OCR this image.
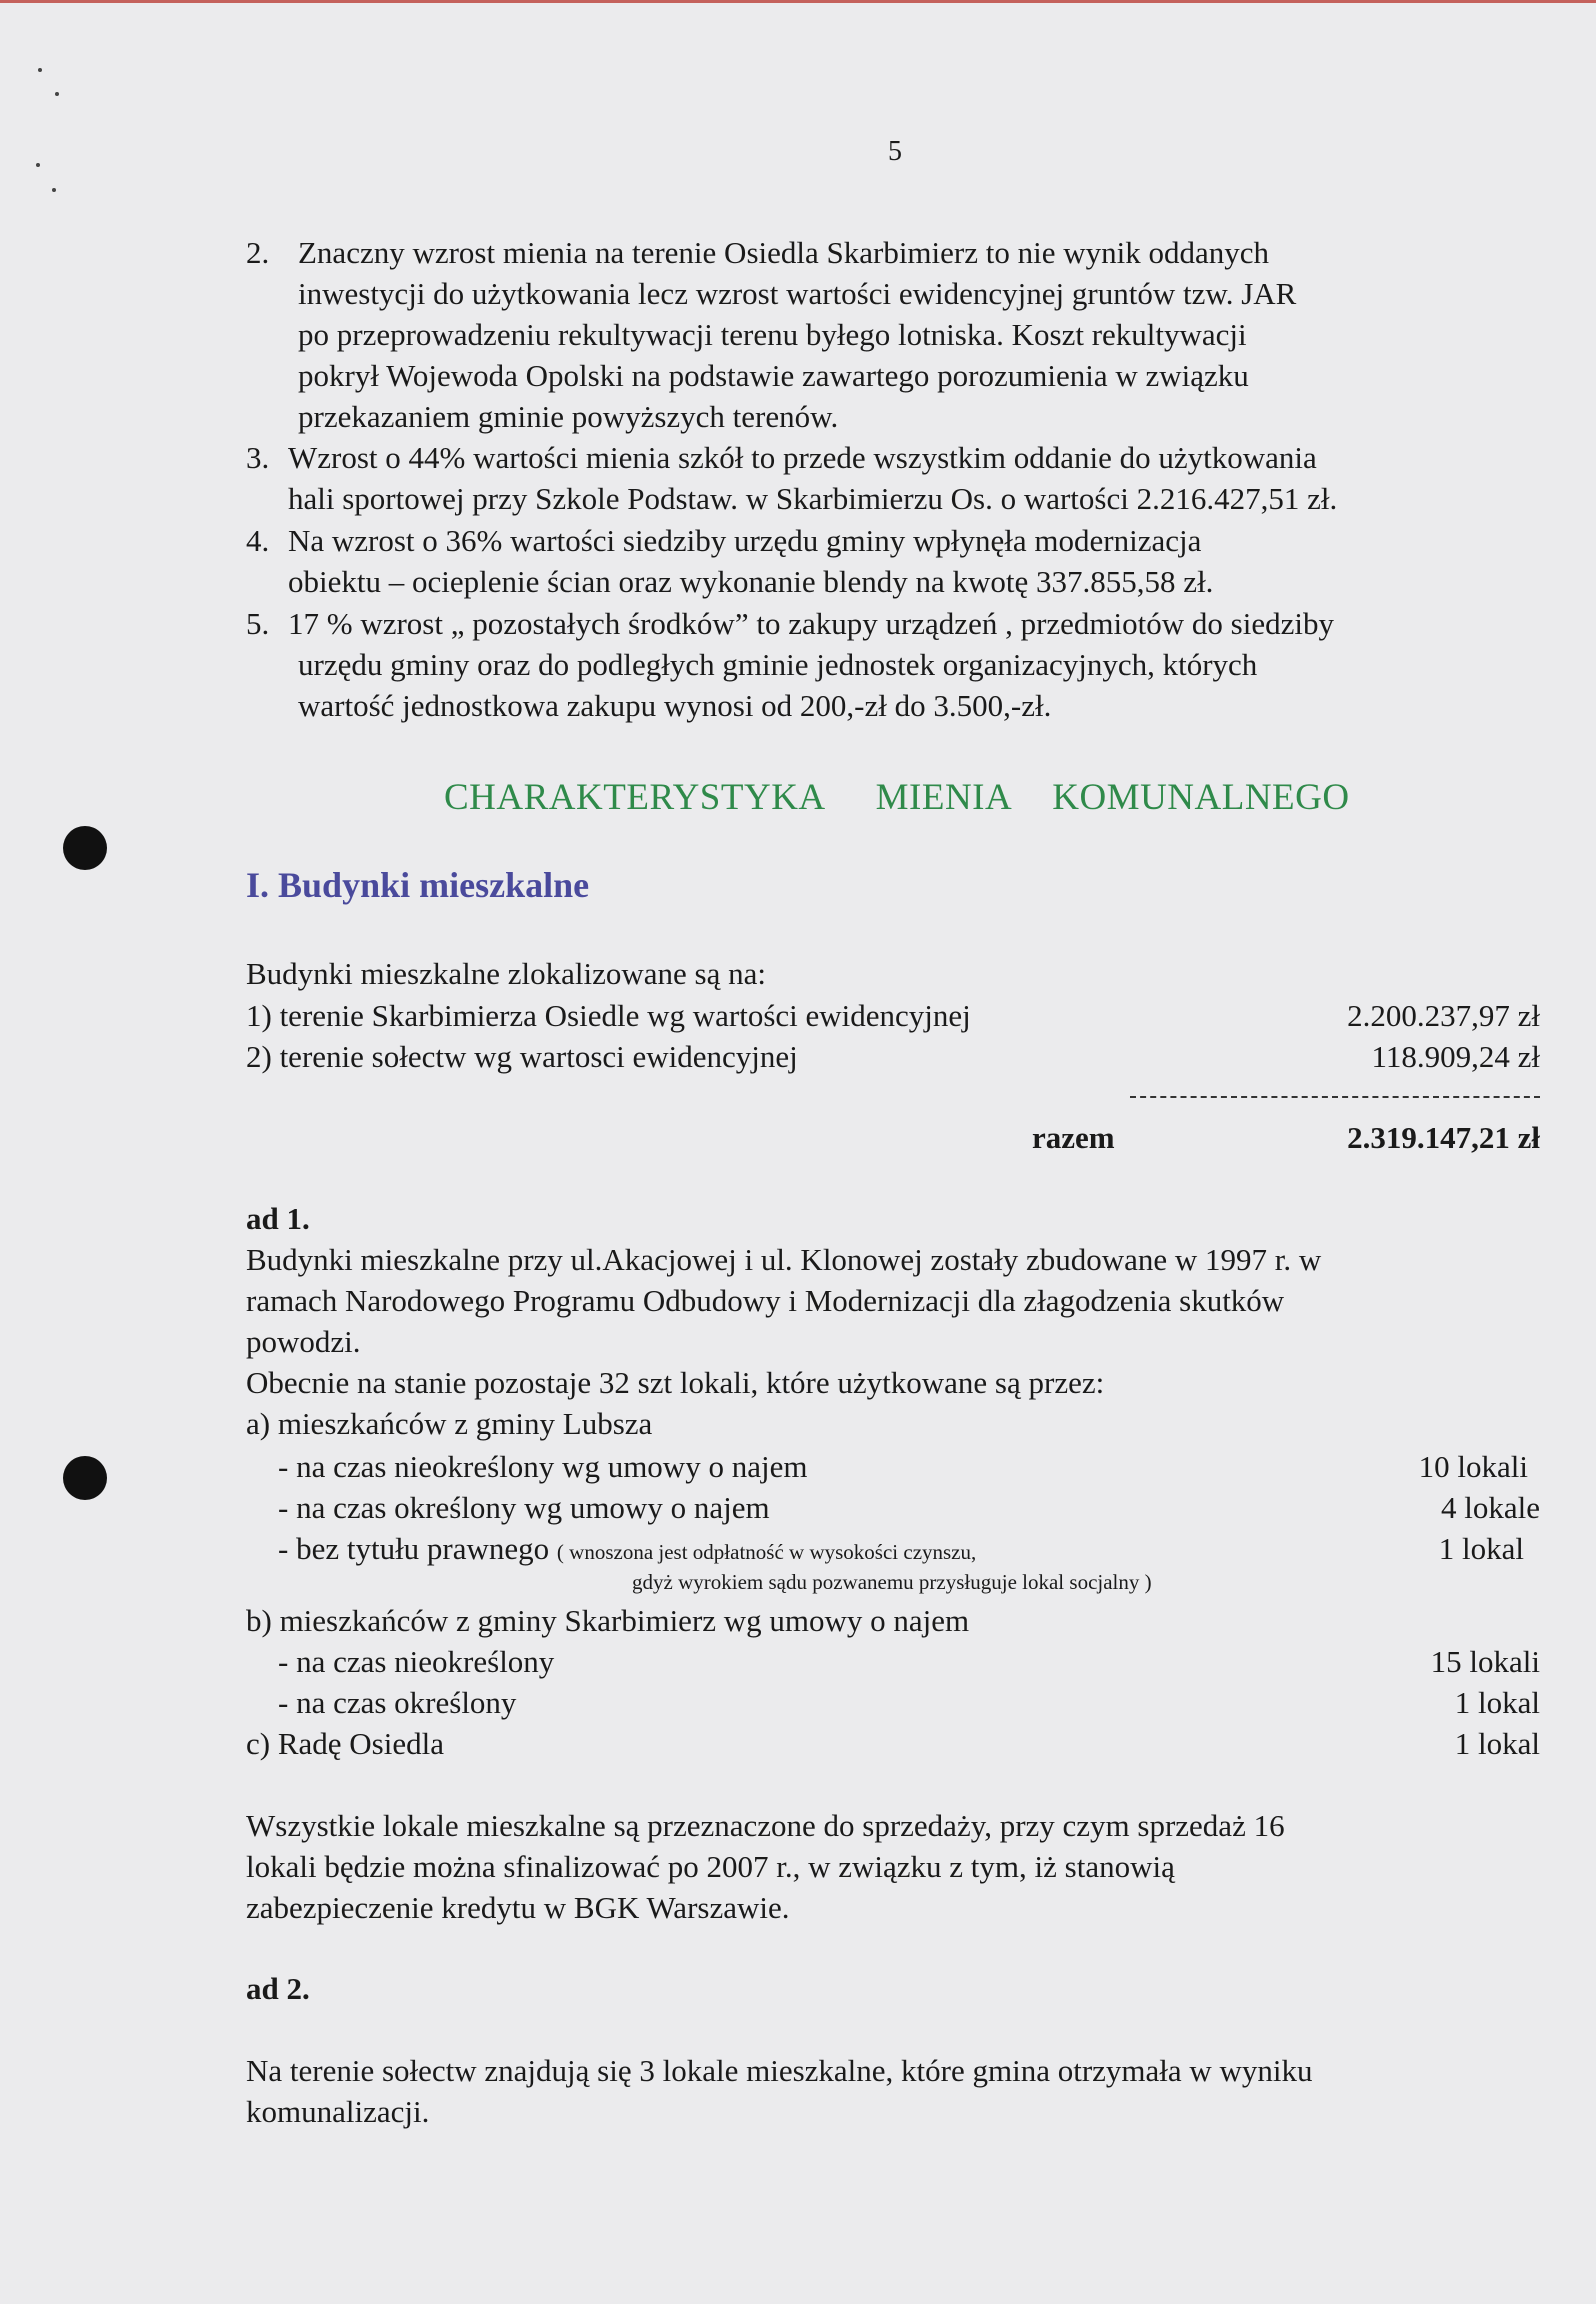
5
2. Znaczny wzrost mienia na terenie Osiedla Skarbimierz to nie wynik oddanych
inwestycji do użytkowania lecz wzrost wartości ewidencyjnej gruntów tzw. JAR
po przeprowadzeniu rekultywacji terenu byłego lotniska. Koszt rekultywacji
pokrył Wojewoda Opolski na podstawie zawartego porozumienia w związku
przekazaniem gminie powyższych terenów.
3. Wzrost o 44% wartości mienia szkół to przede wszystkim oddanie do użytkowania
hali sportowej przy Szkole Podstaw. w Skarbimierzu Os. o wartości 2.216.427,51 zł.
4. Na wzrost o 36% wartości siedziby urzędu gminy wpłynęła modernizacja
obiektu – ocieplenie ścian oraz wykonanie blendy na kwotę 337.855,58 zł.
5. 17 % wzrost „ pozostałych środków” to zakupy urządzeń , przedmiotów do siedziby
urzędu gminy oraz do podległych gminie jednostek organizacyjnych, których
wartość jednostkowa zakupu wynosi od 200,-zł do 3.500,-zł.
CHARAKTERYSTYKA MIENIA KOMUNALNEGO
I. Budynki mieszkalne
Budynki mieszkalne zlokalizowane są na:
1) terenie Skarbimierza Osiedle wg wartości ewidencyjnej	2.200.237,97 zł
2) terenie sołectw wg wartosci ewidencyjnej	118.909,24 zł
razem	2.319.147,21 zł
ad 1.
Budynki mieszkalne przy ul.Akacjowej i ul. Klonowej zostały zbudowane w 1997 r. w
ramach Narodowego Programu Odbudowy i Modernizacji dla złagodzenia skutków
powodzi.
Obecnie na stanie pozostaje 32 szt lokali, które użytkowane są przez:
a) mieszkańców z gminy Lubsza
- na czas nieokreślony wg umowy o najem	10 lokali
- na czas określony wg umowy o najem	4 lokale
- bez tytułu prawnego ( wnoszona jest odpłatność w wysokości czynszu,	1 lokal
gdyż wyrokiem sądu pozwanemu przysługuje lokal socjalny )
b) mieszkańców z gminy Skarbimierz wg umowy o najem
- na czas nieokreślony	15 lokali
- na czas określony	1 lokal
c) Radę Osiedla	1 lokal
Wszystkie lokale mieszkalne są przeznaczone do sprzedaży, przy czym sprzedaż 16
lokali będzie można sfinalizować po 2007 r., w związku z tym, iż stanowią
zabezpieczenie kredytu w BGK Warszawie.
ad 2.
Na terenie sołectw znajdują się 3 lokale mieszkalne, które gmina otrzymała w wyniku
komunalizacji.
